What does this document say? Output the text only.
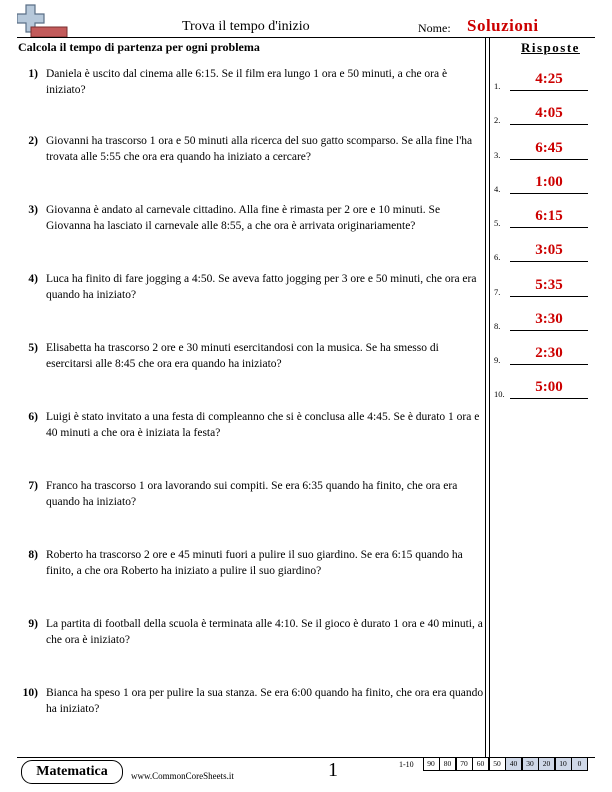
Trova il tempo d'inizio	Nome: Soluzioni
Calcola il tempo di partenza per ogni problema	Risposte
1) Daniela è uscito dal cinema alle 6:15. Se il film era lungo 1 ora e 50 minuti, a che ora è iniziato?
2) Giovanni ha trascorso 1 ora e 50 minuti alla ricerca del suo gatto scomparso. Se alla fine l'ha trovata alle 5:55 che ora era quando ha iniziato a cercare?
3) Giovanna è andato al carnevale cittadino. Alla fine è rimasta per 2 ore e 10 minuti. Se Giovanna ha lasciato il carnevale alle 8:55, a che ora è arrivata originariamente?
4) Luca ha finito di fare jogging a 4:50. Se aveva fatto jogging per 3 ore e 50 minuti, che ora era quando ha iniziato?
5) Elisabetta ha trascorso 2 ore e 30 minuti esercitandosi con la musica. Se ha smesso di esercitarsi alle 8:45 che ora era quando ha iniziato?
6) Luigi è stato invitato a una festa di compleanno che si è conclusa alle 4:45. Se è durato 1 ora e 40 minuti a che ora è iniziata la festa?
7) Franco ha trascorso 1 ora lavorando sui compiti. Se era 6:35 quando ha finito, che ora era quando ha iniziato?
8) Roberto ha trascorso 2 ore e 45 minuti fuori a pulire il suo giardino. Se era 6:15 quando ha finito, a che ora Roberto ha iniziato a pulire il suo giardino?
9) La partita di football della scuola è terminata alle 4:10. Se il gioco è durato 1 ora e 40 minuti, a che ora è iniziato?
10) Bianca ha speso 1 ora per pulire la sua stanza. Se era 6:00 quando ha finito, che ora era quando ha iniziato?
1.	4:25
2.	4:05
3.	6:45
4.	1:00
5.	6:15
6.	3:05
7.	5:35
8.	3:30
9.	2:30
10.	5:00
Matematica	www.CommonCoreSheets.it	1	1-10	90	80	70	60	50	40	30	20	10	0
